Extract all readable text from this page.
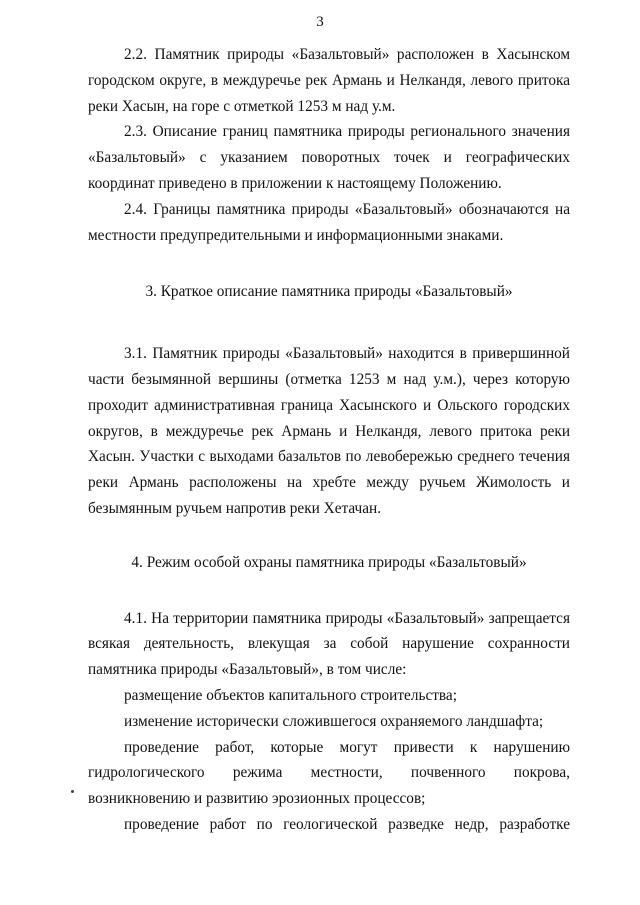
3

2.2. Памятник природы «Базальтовый» расположен в Хасынском городском округе, в междуречье рек Армань и Нелкандя, левого притока реки Хасын, на горе с отметкой 1253 м над у.м.

2.3. Описание границ памятника природы регионального значения «Базальтовый» с указанием поворотных точек и географических координат приведено в приложении к настоящему Положению.

2.4. Границы памятника природы «Базальтовый» обозначаются на местности предупредительными и информационными знаками.

3. Краткое описание памятника природы «Базальтовый»

3.1. Памятник природы «Базальтовый» находится в привершинной части безымянной вершины (отметка 1253 м над у.м.), через которую проходит административная граница Хасынского и Ольского городских округов, в междуречье рек Армань и Нелкандя, левого притока реки Хасын. Участки с выходами базальтов по левобережью среднего течения реки Армань расположены на хребте между ручьем Жимолость и безымянным ручьем напротив реки Хетачан.

4. Режим особой охраны памятника природы «Базальтовый»

4.1. На территории памятника природы «Базальтовый» запрещается всякая деятельность, влекущая за собой нарушение сохранности памятника природы «Базальтовый», в том числе:

размещение объектов капитального строительства;

изменение исторически сложившегося охраняемого ландшафта;

проведение работ, которые могут привести к нарушению гидрологического режима местности, почвенного покрова, возникновению и развитию эрозионных процессов;

проведение работ по геологической разведке недр, разработке
